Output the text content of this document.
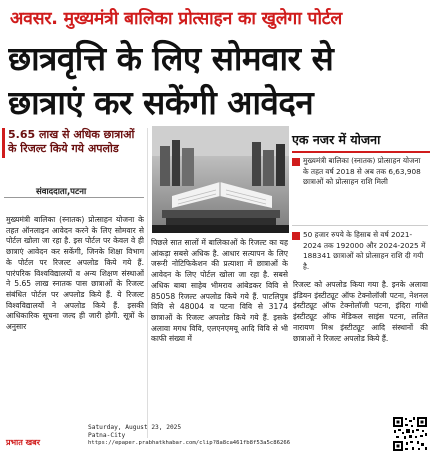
अवसर. मुख्यमंत्री बालिका प्रोत्साहन का खुलेगा पोर्टल
छात्रवृत्ति के लिए सोमवार से
छात्राएं कर सकेंगी आवेदन
5.65 लाख से अधिक छात्राओं
के रिजल्ट किये गये अपलोड
संवाददाता,पटना
एक नजर में योजना
मुख्यमंत्री बालिका (स्नातक) प्रोत्साहन योजना के तहत वर्ष 2018 से अब तक 6,63,908 छात्राओं को प्रोत्साहन राशि मिली
50 हजार रुपये के हिसाब से वर्ष 2021-2024 तक 192000 और 2024-2025 में 188341 छात्राओं को प्रोत्साहन राशि दी गयी है.
मुख्यमंत्री बालिका (स्नातक) प्रोत्साहन योजना के तहत ऑनलाइन आवेदन करने के लिए सोमवार से पोर्टल खोला जा रहा है. इस पोर्टल पर केवल वे ही छात्राएं आवेदन कर सकेंगी, जिनके शिक्षा विभाग के पोर्टल पर रिजल्ट अपलोड किये गये हैं. पारंपरिक विश्वविद्यालयों व अन्य शिक्षण संस्थाओं ने 5.65 लाख स्नातक पास छात्राओं के रिजल्ट संबंधित पोर्टल पर अपलोड किये हैं. ये रिजल्ट विश्वविद्यालयों ने अपलोड किये हैं. इसकी आधिकारिक सूचना जल्द ही जारी होगी. सूत्रों के अनुसार
पिछले सात सालों में बालिकाओं के रिजल्ट का यह आंकड़ा सबसे अधिक है. आधार सत्यापन के लिए जरूरी नोटिफिकेशन की प्रत्याशा में छात्राओं के आवेदन के लिए पोर्टल खोला जा रहा है. सबसे अधिक बाबा साहेब भीमराव आंबेडकर विवि से 85058 रिजल्ट अपलोड किये गये हैं. पाटलिपुत्र विवि से 48004 व पटना विवि से 3174 छात्राओं के रिजल्ट अपलोड किये गये हैं. इसके अलावा मगध विवि, एलएनएमयू आदि विवि से भी काफी संख्या में
रिजल्ट को अपलोड किया गया है. इनके अलावा इंडियन इंस्टीट्यूट ऑफ टेक्नोलॉजी पटना, नेशनल इंस्टीट्यूट ऑफ टेक्नोलॉजी पटना, इंदिरा गांधी इंस्टीट्यूट ऑफ मेडिकल साइंस पटना, ललित नारायण मिश्र इंस्टीट्यूट आदि संस्थानों की छात्राओं ने रिजल्ट अपलोड किये हैं.
प्रभात खबर
Saturday, August 23, 2025
Patna-City
https://epaper.prabhatkhabar.com/clip?8a8ca461fb8f53a5c86266
